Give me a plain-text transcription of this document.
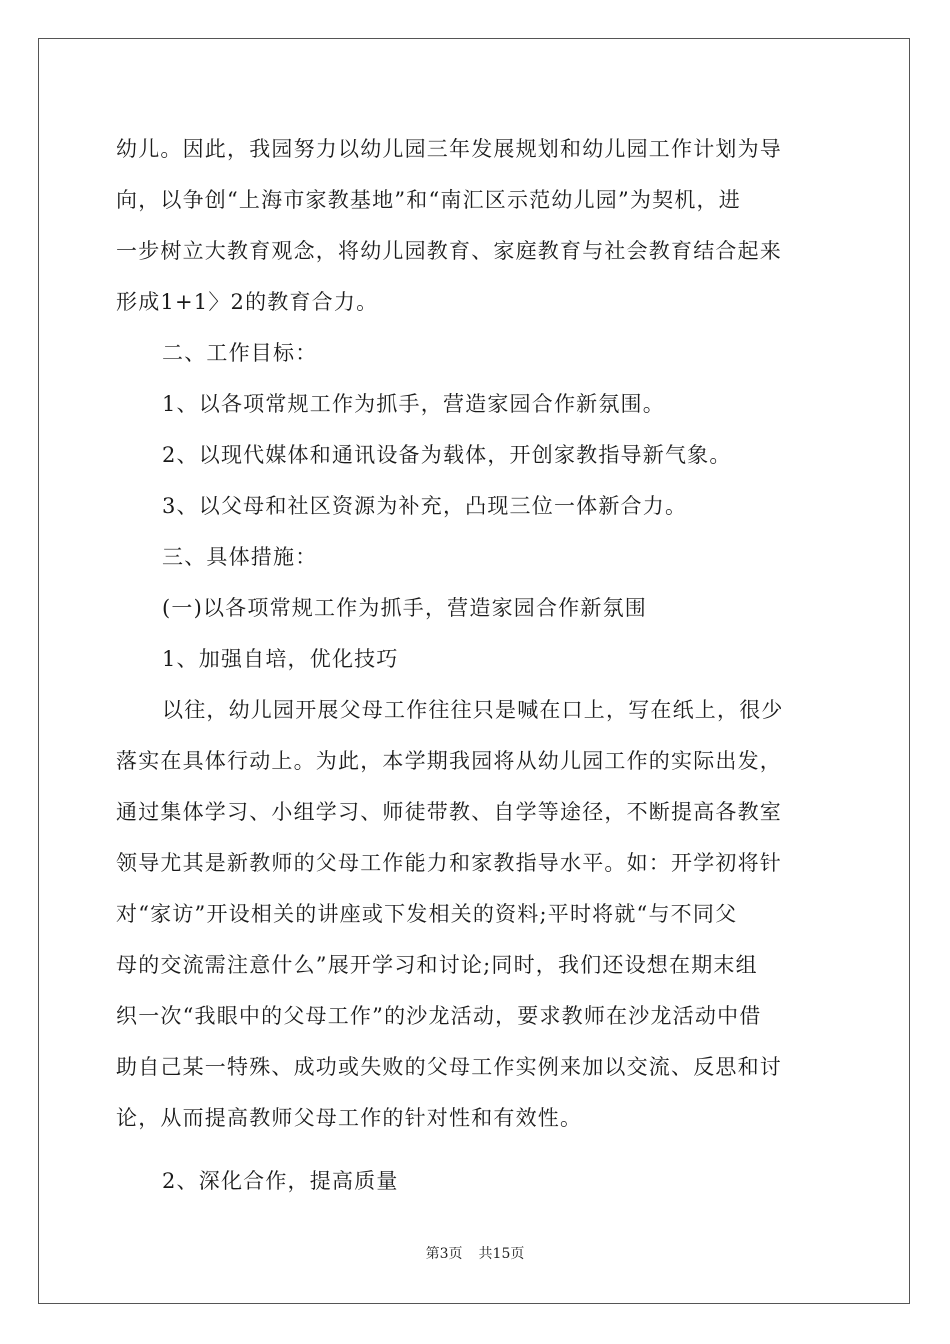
幼儿。因此，我园努力以幼儿园三年发展规划和幼儿园工作计划为导
向，以争创“上海市家教基地”和“南汇区示范幼儿园”为契机，进
一步树立大教育观念，将幼儿园教育、家庭教育与社会教育结合起来
形成1+1〉2的教育合力。
二、工作目标：
1、以各项常规工作为抓手，营造家园合作新氛围。
2、以现代媒体和通讯设备为载体，开创家教指导新气象。
3、以父母和社区资源为补充，凸现三位一体新合力。
三、具体措施：
(一)以各项常规工作为抓手，营造家园合作新氛围
1、加强自培，优化技巧
以往，幼儿园开展父母工作往往只是喊在口上，写在纸上，很少
落实在具体行动上。为此，本学期我园将从幼儿园工作的实际出发，
通过集体学习、小组学习、师徒带教、自学等途径，不断提高各教室
领导尤其是新教师的父母工作能力和家教指导水平。如：开学初将针
对“家访”开设相关的讲座或下发相关的资料;平时将就“与不同父
母的交流需注意什么”展开学习和讨论;同时，我们还设想在期末组
织一次“我眼中的父母工作”的沙龙活动，要求教师在沙龙活动中借
助自己某一特殊、成功或失败的父母工作实例来加以交流、反思和讨
论，从而提高教师父母工作的针对性和有效性。
2、深化合作，提高质量

第3页 共15页
